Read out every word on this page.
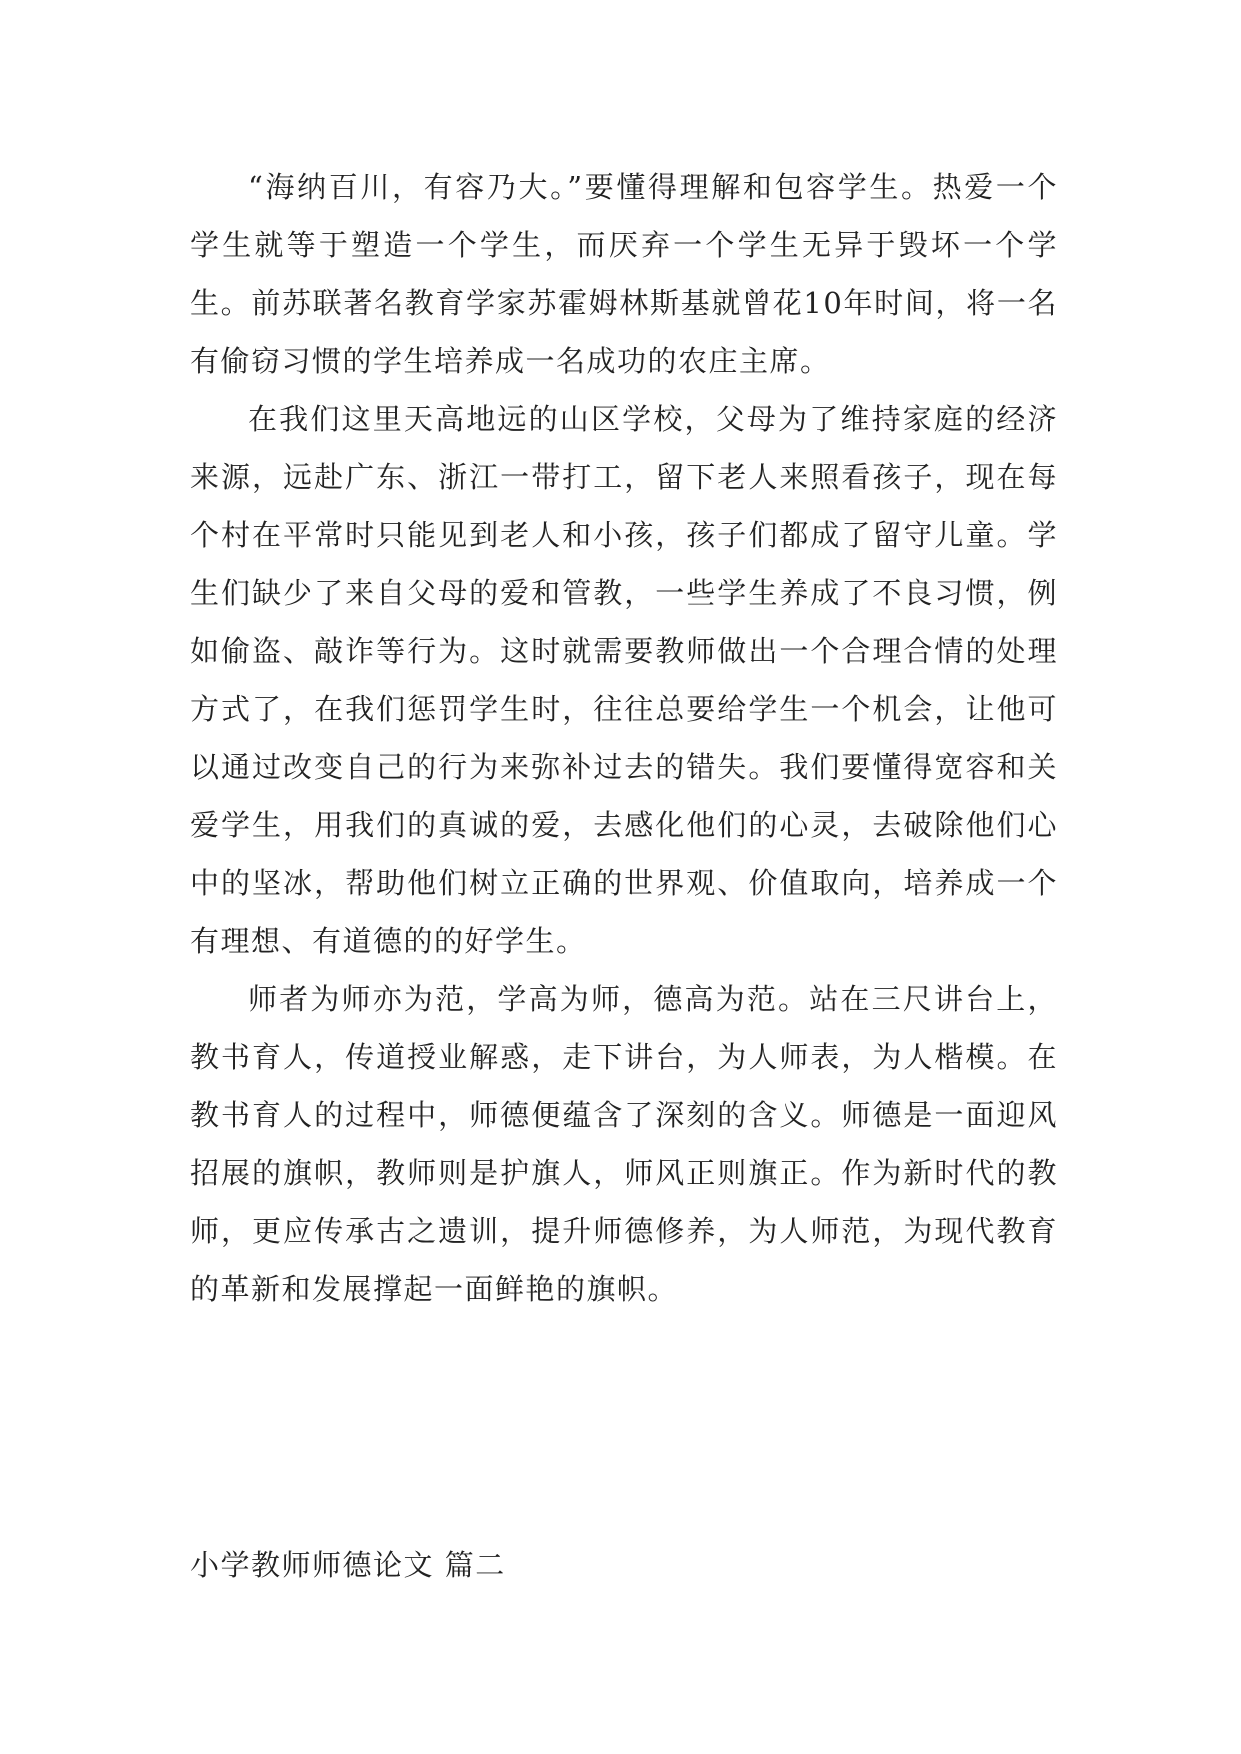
“海纳百川，有容乃大。”要懂得理解和包容学生。热爱一个学生就等于塑造一个学生，而厌弃一个学生无异于毁坏一个学生。前苏联著名教育学家苏霍姆林斯基就曾花10年时间，将一名有偷窃习惯的学生培养成一名成功的农庄主席。

在我们这里天高地远的山区学校，父母为了维持家庭的经济来源，远赴广东、浙江一带打工，留下老人来照看孩子，现在每个村在平常时只能见到老人和小孩，孩子们都成了留守儿童。学生们缺少了来自父母的爱和管教，一些学生养成了不良习惯，例如偷盗、敲诈等行为。这时就需要教师做出一个合理合情的处理方式了，在我们惩罚学生时，往往总要给学生一个机会，让他可以通过改变自己的行为来弥补过去的错失。我们要懂得宽容和关爱学生，用我们的真诚的爱，去感化他们的心灵，去破除他们心中的坚冰，帮助他们树立正确的世界观、价值取向，培养成一个有理想、有道德的的好学生。

师者为师亦为范，学高为师，德高为范。站在三尺讲台上，教书育人，传道授业解惑，走下讲台，为人师表，为人楷模。在教书育人的过程中，师德便蕴含了深刻的含义。师德是一面迎风招展的旗帜，教师则是护旗人，师风正则旗正。作为新时代的教师，更应传承古之遗训，提升师德修养，为人师范，为现代教育的革新和发展撑起一面鲜艳的旗帜。

小学教师师德论文 篇二
